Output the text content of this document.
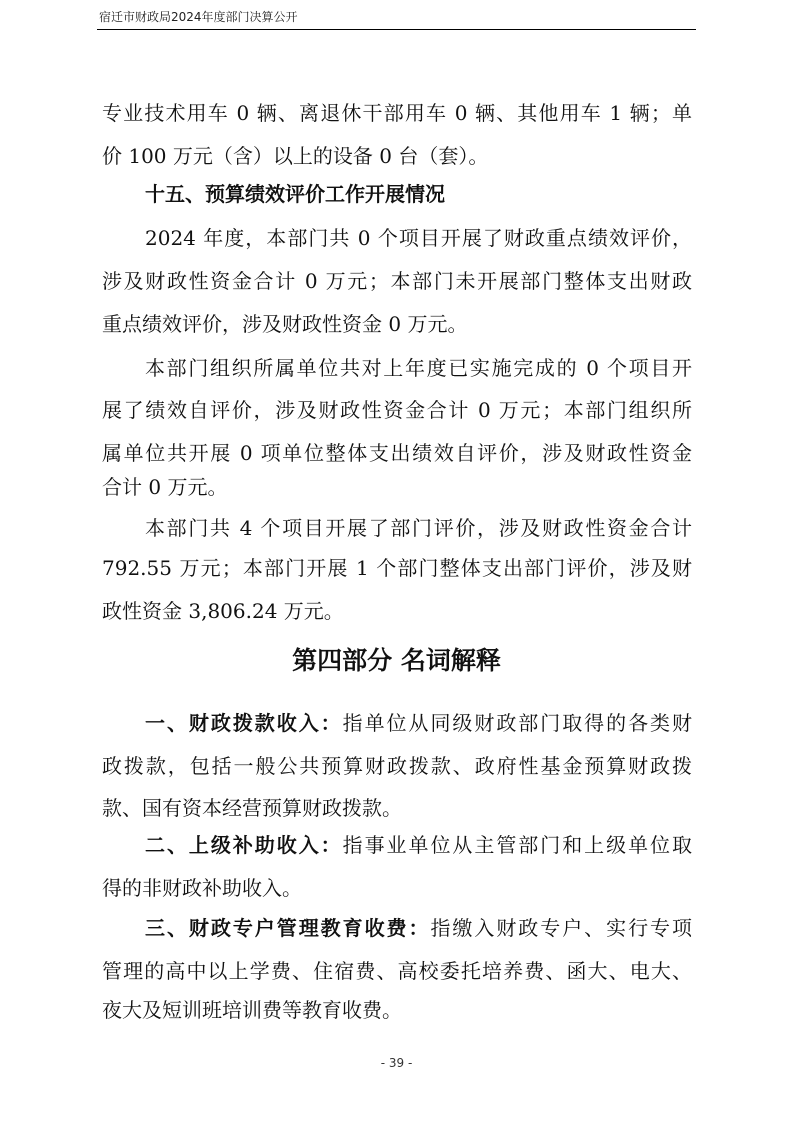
宿迁市财政局2024年度部门决算公开
专业技术用车 0 辆、离退休干部用车 0 辆、其他用车 1 辆；单
价 100 万元（含）以上的设备 0 台（套）。
十五、预算绩效评价工作开展情况
2024 年度，本部门共 0 个项目开展了财政重点绩效评价，
涉及财政性资金合计 0 万元；本部门未开展部门整体支出财政
重点绩效评价，涉及财政性资金 0 万元。
本部门组织所属单位共对上年度已实施完成的 0 个项目开
展了绩效自评价，涉及财政性资金合计 0 万元；本部门组织所
属单位共开展 0 项单位整体支出绩效自评价，涉及财政性资金
合计 0 万元。
本部门共 4 个项目开展了部门评价，涉及财政性资金合计
792.55 万元；本部门开展 1 个部门整体支出部门评价，涉及财
政性资金 3,806.24 万元。
第四部分 名词解释
一、财政拨款收入：指单位从同级财政部门取得的各类财
政拨款，包括一般公共预算财政拨款、政府性基金预算财政拨
款、国有资本经营预算财政拨款。
二、上级补助收入：指事业单位从主管部门和上级单位取
得的非财政补助收入。
三、财政专户管理教育收费：指缴入财政专户、实行专项
管理的高中以上学费、住宿费、高校委托培养费、函大、电大、
夜大及短训班培训费等教育收费。
- 39 -
